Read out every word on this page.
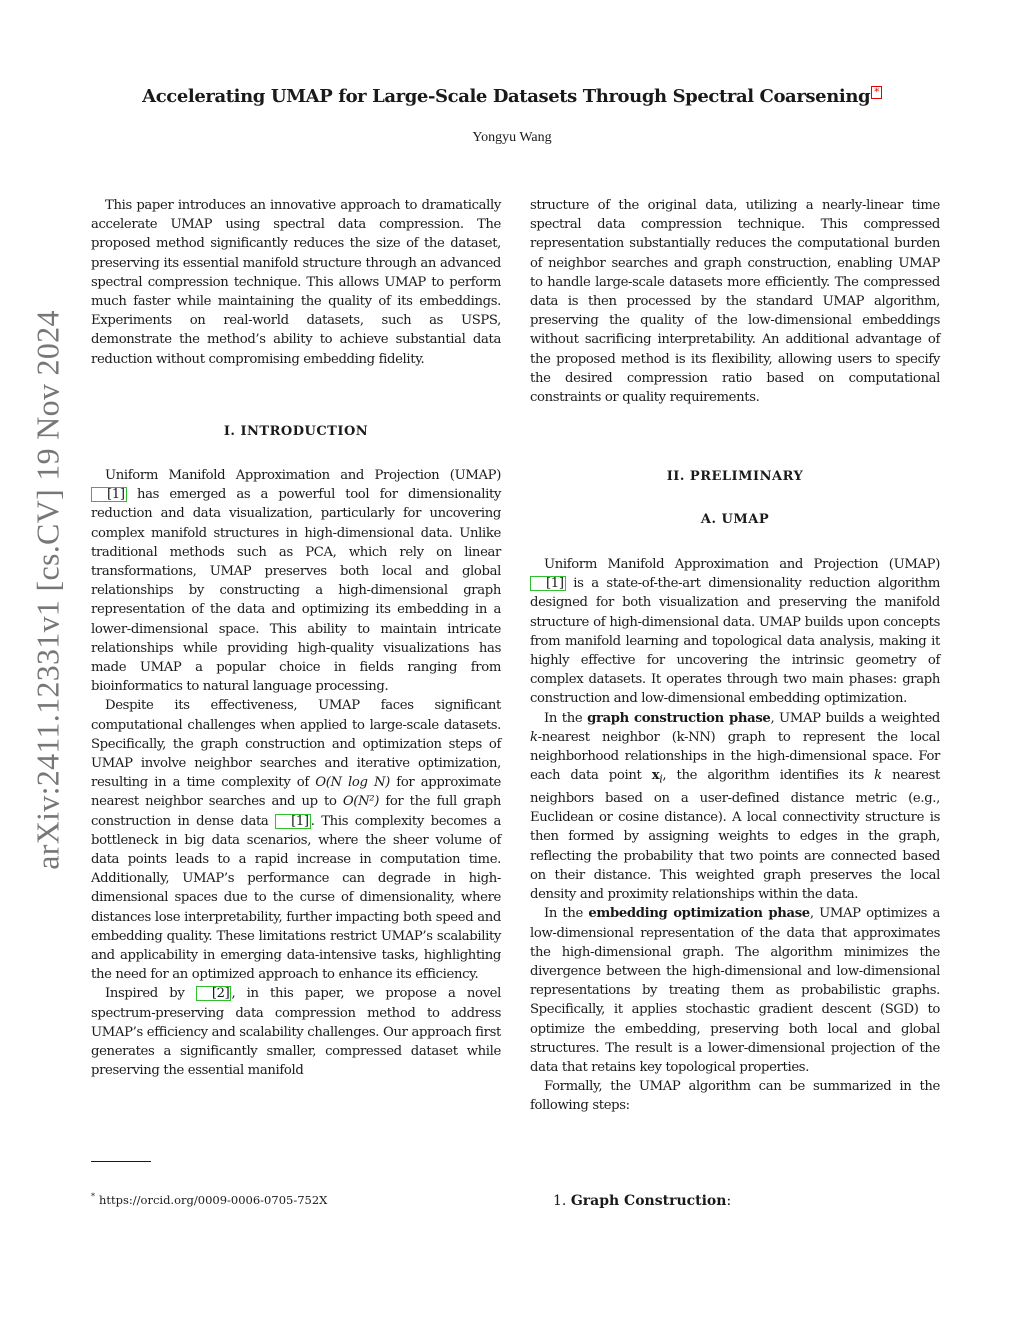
arXiv:2411.12331v1 [cs.CV] 19 Nov 2024
Accelerating UMAP for Large-Scale Datasets Through Spectral Coarsening *
Yongyu Wang

This paper introduces an innovative approach to dramatically accelerate UMAP using spectral data compression. The proposed method significantly reduces the size of the dataset, preserving its essential manifold structure through an advanced spectral compression technique. This allows UMAP to perform much faster while maintaining the quality of its embeddings. Experiments on real-world datasets, such as USPS, demonstrate the method’s ability to achieve substantial data reduction without compromising embedding fidelity.

I. INTRODUCTION

Uniform Manifold Approximation and Projection (UMAP) [1] has emerged as a powerful tool for dimensionality reduction and data visualization, particularly for uncovering complex manifold structures in high-dimensional data. Unlike traditional methods such as PCA, which rely on linear transformations, UMAP preserves both local and global relationships by constructing a high-dimensional graph representation of the data and optimizing its embedding in a lower-dimensional space. This ability to maintain intricate relationships while providing high-quality visualizations has made UMAP a popular choice in fields ranging from bioinformatics to natural language processing.

Despite its effectiveness, UMAP faces significant computational challenges when applied to large-scale datasets. Specifically, the graph construction and optimization steps of UMAP involve neighbor searches and iterative optimization, resulting in a time complexity of O(N log N) for approximate nearest neighbor searches and up to O(N²) for the full graph construction in dense data [1] . This complexity becomes a bottleneck in big data scenarios, where the sheer volume of data points leads to a rapid increase in computation time. Additionally, UMAP’s performance can degrade in high-dimensional spaces due to the curse of dimensionality, where distances lose interpretability, further impacting both speed and embedding quality. These limitations restrict UMAP’s scalability and applicability in emerging data-intensive tasks, highlighting the need for an optimized approach to enhance its efficiency.

Inspired by [2] , in this paper, we propose a novel spectrum-preserving data compression method to address UMAP’s efficiency and scalability challenges. Our approach first generates a significantly smaller, compressed dataset while preserving the essential manifold

structure of the original data, utilizing a nearly-linear time spectral data compression technique. This compressed representation substantially reduces the computational burden of neighbor searches and graph construction, enabling UMAP to handle large-scale datasets more efficiently. The compressed data is then processed by the standard UMAP algorithm, preserving the quality of the low-dimensional embeddings without sacrificing interpretability. An additional advantage of the proposed method is its flexibility, allowing users to specify the desired compression ratio based on computational constraints or quality requirements.

II. PRELIMINARY
A. UMAP

Uniform Manifold Approximation and Projection (UMAP) [1] is a state-of-the-art dimensionality reduction algorithm designed for both visualization and preserving the manifold structure of high-dimensional data. UMAP builds upon concepts from manifold learning and topological data analysis, making it highly effective for uncovering the intrinsic geometry of complex datasets. It operates through two main phases: graph construction and low-dimensional embedding optimization.

In the graph construction phase, UMAP builds a weighted k-nearest neighbor (k-NN) graph to represent the local neighborhood relationships in the high-dimensional space. For each data point $x_i$, the algorithm identifies its k nearest neighbors based on a user-defined distance metric (e.g., Euclidean or cosine distance). A local connectivity structure is then formed by assigning weights to edges in the graph, reflecting the probability that two points are connected based on their distance. This weighted graph preserves the local density and proximity relationships within the data.

In the embedding optimization phase, UMAP optimizes a low-dimensional representation of the data that approximates the high-dimensional graph. The algorithm minimizes the divergence between the high-dimensional and low-dimensional representations by treating them as probabilistic graphs. Specifically, it applies stochastic gradient descent (SGD) to optimize the embedding, preserving both local and global structures. The result is a lower-dimensional projection of the data that retains key topological properties.

Formally, the UMAP algorithm can be summarized in the following steps:

1. Graph Construction:
* https://orcid.org/0009-0006-0705-752X
